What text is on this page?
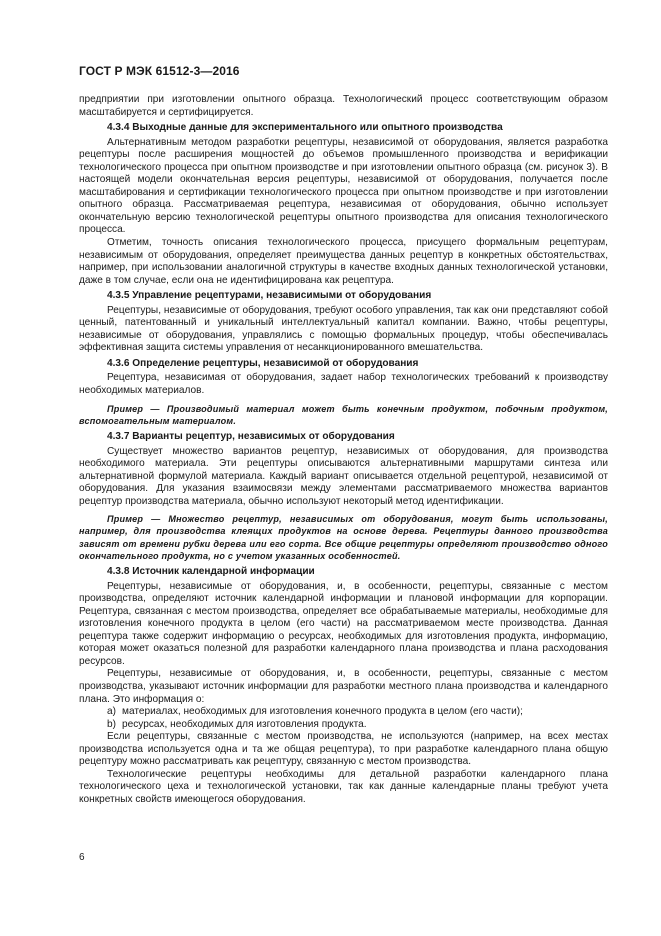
ГОСТ Р МЭК 61512-3—2016

предприятии при изготовлении опытного образца. Технологический процесс соответствующим образом масштабируется и сертифицируется.

4.3.4 Выходные данные для экспериментального или опытного производства

Альтернативным методом разработки рецептуры, независимой от оборудования, является разработка рецептуры после расширения мощностей до объемов промышленного производства и верификации технологического процесса при опытном производстве и при изготовлении опытного образца (см. рисунок 3). В настоящей модели окончательная версия рецептуры, независимой от оборудования, получается после масштабирования и сертификации технологического процесса при опытном производстве и при изготовлении опытного образца. Рассматриваемая рецептура, независимая от оборудования, обычно использует окончательную версию технологической рецептуры опытного производства для описания технологического процесса.

Отметим, точность описания технологического процесса, присущего формальным рецептурам, независимым от оборудования, определяет преимущества данных рецептур в конкретных обстоятельствах, например, при использовании аналогичной структуры в качестве входных данных технологической установки, даже в том случае, если она не идентифицирована как рецептура.

4.3.5 Управление рецептурами, независимыми от оборудования

Рецептуры, независимые от оборудования, требуют особого управления, так как они представляют собой ценный, патентованный и уникальный интеллектуальный капитал компании. Важно, чтобы рецептуры, независимые от оборудования, управлялись с помощью формальных процедур, чтобы обеспечивалась эффективная защита системы управления от несанкционированного вмешательства.

4.3.6 Определение рецептуры, независимой от оборудования

Рецептура, независимая от оборудования, задает набор технологических требований к производству необходимых материалов.

Пример — Производимый материал может быть конечным продуктом, побочным продуктом, вспомогательным материалом.

4.3.7 Варианты рецептур, независимых от оборудования

Существует множество вариантов рецептур, независимых от оборудования, для производства необходимого материала. Эти рецептуры описываются альтернативными маршрутами синтеза или альтернативной формулой материала. Каждый вариант описывается отдельной рецептурой, независимой от оборудования. Для указания взаимосвязи между элементами рассматриваемого множества вариантов рецептур производства материала, обычно используют некоторый метод идентификации.

Пример — Множество рецептур, независимых от оборудования, могут быть использованы, например, для производства клеящих продуктов на основе дерева. Рецептуры данного производства зависят от времени рубки дерева или его сорта. Все общие рецептуры определяют производство одного окончательного продукта, но с учетом указанных особенностей.

4.3.8 Источник календарной информации

Рецептуры, независимые от оборудования, и, в особенности, рецептуры, связанные с местом производства, определяют источник календарной информации и плановой информации для корпорации. Рецептура, связанная с местом производства, определяет все обрабатываемые материалы, необходимые для изготовления конечного продукта в целом (его части) на рассматриваемом месте производства. Данная рецептура также содержит информацию о ресурсах, необходимых для изготовления продукта, информацию, которая может оказаться полезной для разработки календарного плана производства и плана расходования ресурсов.

Рецептуры, независимые от оборудования, и, в особенности, рецептуры, связанные с местом производства, указывают источник информации для разработки местного плана производства и календарного плана. Это информация о:

a) материалах, необходимых для изготовления конечного продукта в целом (его части);

b) ресурсах, необходимых для изготовления продукта.

Если рецептуры, связанные с местом производства, не используются (например, на всех местах производства используется одна и та же общая рецептура), то при разработке календарного плана общую рецептуру можно рассматривать как рецептуру, связанную с местом производства.

Технологические рецептуры необходимы для детальной разработки календарного плана технологического цеха и технологической установки, так как данные календарные планы требуют учета конкретных свойств имеющегося оборудования.

6
